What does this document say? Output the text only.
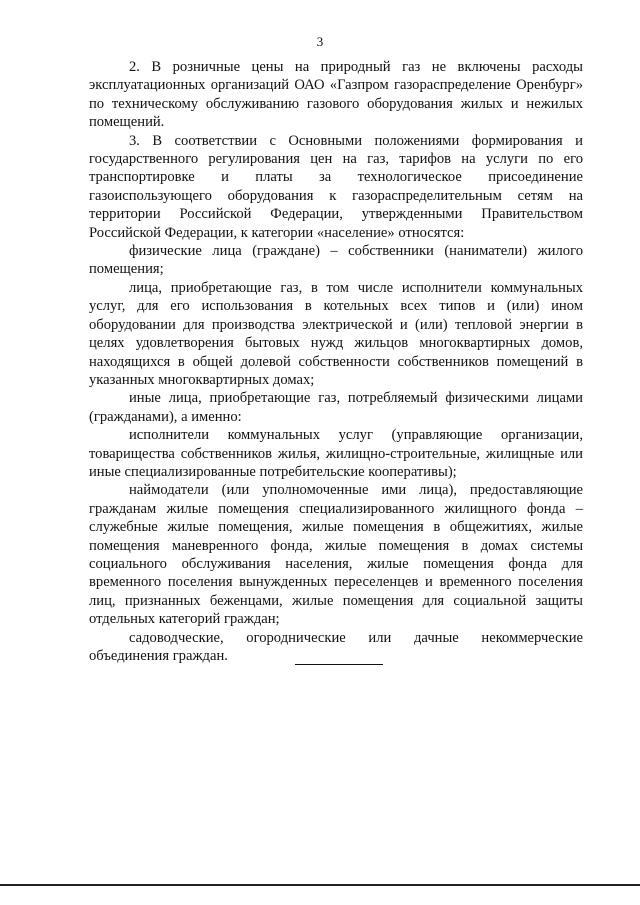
3

2. В розничные цены на природный газ не включены расходы эксплуатационных организаций ОАО «Газпром газораспределение Оренбург» по техническому обслуживанию газового оборудования жилых и нежилых помещений.

3. В соответствии с Основными положениями формирования и государственного регулирования цен на газ, тарифов на услуги по его транспортировке и платы за технологическое присоединение газоиспользующего оборудования к газораспределительным сетям на территории Российской Федерации, утвержденными Правительством Российской Федерации, к категории «население» относятся:

физические лица (граждане) – собственники (наниматели) жилого помещения;

лица, приобретающие газ, в том числе исполнители коммунальных услуг, для его использования в котельных всех типов и (или) ином оборудовании для производства электрической и (или) тепловой энергии в целях удовлетворения бытовых нужд жильцов многоквартирных домов, находящихся в общей долевой собственности собственников помещений в указанных многоквартирных домах;

иные лица, приобретающие газ, потребляемый физическими лицами (гражданами), а именно:

исполнители коммунальных услуг (управляющие организации, товарищества собственников жилья, жилищно-строительные, жилищные или иные специализированные потребительские кооперативы);

наймодатели (или уполномоченные ими лица), предоставляющие гражданам жилые помещения специализированного жилищного фонда – служебные жилые помещения, жилые помещения в общежитиях, жилые помещения маневренного фонда, жилые помещения в домах системы социального обслуживания населения, жилые помещения фонда для временного поселения вынужденных переселенцев и временного поселения лиц, признанных беженцами, жилые помещения для социальной защиты отдельных категорий граждан;

садоводческие, огороднические или дачные некоммерческие объединения граждан.
